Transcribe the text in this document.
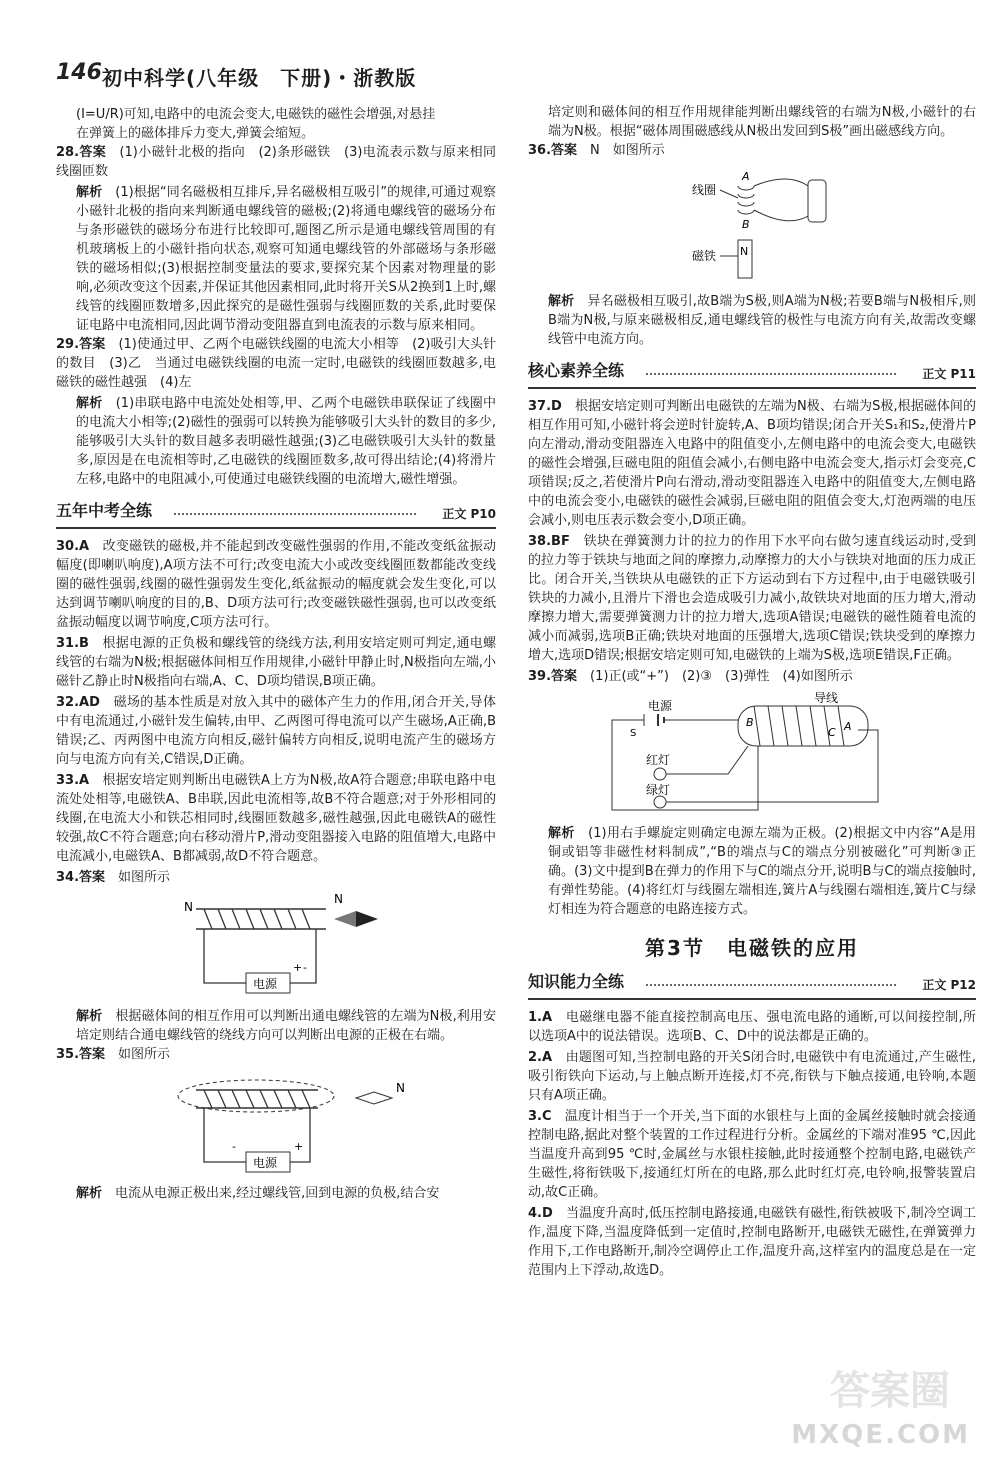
146 初中科学(八年级　下册)・浙教版
(I=U/R)可知,电路中的电流会变大,电磁铁的磁性会增强,对悬挂
在弹簧上的磁体排斥力变大,弹簧会缩短。
28.答案　 (1)小磁针北极的指向　(2)条形磁铁　(3)电流表示数与原来相同　线圈匝数

解析　 (1)根据“同名磁极相互排斥,异名磁极相互吸引”的规律,可通过观察小磁针北极的指向来判断通电螺线管的磁极;(2)将通电螺线管的磁场分布与条形磁铁的磁场分布进行比较即可,题图乙所示是通电螺线管周围的有机玻璃板上的小磁针指向状态,观察可知通电螺线管的外部磁场与条形磁铁的磁场相似;(3)根据控制变量法的要求,要探究某个因素对物理量的影响,必须改变这个因素,并保证其他因素相同,此时将开关S从2换到1上时,螺线管的线圈匝数增多,因此探究的是磁性强弱与线圈匝数的关系,此时要保证电路中电流相同,因此调节滑动变阻器直到电流表的示数与原来相同。

29.答案　 (1)使通过甲、乙两个电磁铁线圈的电流大小相等　(2)吸引大头针的数目　(3)乙　当通过电磁铁线圈的电流一定时,电磁铁的线圈匝数越多,电磁铁的磁性越强　(4)左

解析　 (1)串联电路中电流处处相等,甲、乙两个电磁铁串联保证了线圈中的电流大小相等;(2)磁性的强弱可以转换为能够吸引大头针的数目的多少,能够吸引大头针的数目越多表明磁性越强;(3)乙电磁铁吸引大头针的数量多,原因是在电流相等时,乙电磁铁的线圈匝数多,故可得出结论;(4)将滑片左移,电路中的电阻减小,可使通过电磁铁线圈的电流增大,磁性增强。

五年中考全练	正文 P10
30.A　 改变磁铁的磁极,并不能起到改变磁性强弱的作用,不能改变纸盆振动幅度(即喇叭响度),A项方法不可行;改变电流大小或改变线圈匝数都能改变线圈的磁性强弱,线圈的磁性强弱发生变化,纸盆振动的幅度就会发生变化,可以达到调节喇叭响度的目的,B、D项方法可行;改变磁铁磁性强弱,也可以改变纸盆振动幅度以调节响度,C项方法可行。
31.B　 根据电源的正负极和螺线管的绕线方法,利用安培定则可判定,通电螺线管的右端为N极;根据磁体间相互作用规律,小磁针甲静止时,N极指向左端,小磁针乙静止时N极指向右端,A、C、D项均错误,B项正确。
32.AD　 磁场的基本性质是对放入其中的磁体产生力的作用,闭合开关,导体中有电流通过,小磁针发生偏转,由甲、乙两图可得电流可以产生磁场,A正确,B错误;乙、丙两图中电流方向相反,磁针偏转方向相反,说明电流产生的磁场方向与电流方向有关,C错误,D正确。
33.A　 根据安培定则判断出电磁铁A上方为N极,故A符合题意;串联电路中电流处处相等,电磁铁A、B串联,因此电流相等,故B不符合题意;对于外形相同的线圈,在电流大小和铁芯相同时,线圈匝数越多,磁性越强,因此电磁铁A的磁性较强,故C不符合题意;向右移动滑片P,滑动变阻器接入电路的阻值增大,电路中电流减小,电磁铁A、B都减弱,故D不符合题意。
34.答案　 如图所示
N
N
电源
+ -

解析　 根据磁体间的相互作用可以判断出通电螺线管的左端为N极,利用安培定则结合通电螺线管的绕线方向可以判断出电源的正极在右端。

35.答案　 如图所示
N
电源
-	+

解析　 电流从电源正极出来,经过螺线管,回到电源的负极,结合安

培定则和磁体间的相互作用规律能判断出螺线管的右端为N极,小磁针的右端为N极。根据“磁体周围磁感线从N极出发回到S极”画出磁感线方向。

36.答案　 N　如图所示
线圈
A
B
磁铁 N

解析　 异名磁极相互吸引,故B端为S极,则A端为N极;若要B端与N极相斥,则B端为N极,与原来磁极相反,通电螺线管的极性与电流方向有关,故需改变螺线管中电流方向。

核心素养全练	正文 P11
37.D　 根据安培定则可判断出电磁铁的左端为N极、右端为S极,根据磁体间的相互作用可知,小磁针将会逆时针旋转,A、B项均错误;闭合开关S₁和S₂,使滑片P向左滑动,滑动变阻器连入电路中的阻值变小,左侧电路中的电流会变大,电磁铁的磁性会增强,巨磁电阻的阻值会减小,右侧电路中电流会变大,指示灯会变亮,C项错误;反之,若使滑片P向右滑动,滑动变阻器连入电路中的阻值变大,左侧电路中的电流会变小,电磁铁的磁性会减弱,巨磁电阻的阻值会变大,灯泡两端的电压会减小,则电压表示数会变小,D项正确。
38.BF　 铁块在弹簧测力计的拉力的作用下水平向右做匀速直线运动时,受到的拉力等于铁块与地面之间的摩擦力,动摩擦力的大小与铁块对地面的压力成正比。闭合开关,当铁块从电磁铁的正下方运动到右下方过程中,由于电磁铁吸引铁块的力减小,且滑片下滑也会造成吸引力减小,故铁块对地面的压力增大,滑动摩擦力增大,需要弹簧测力计的拉力增大,选项A错误;电磁铁的磁性随着电流的减小而减弱,选项B正确;铁块对地面的压强增大,选项C错误;铁块受到的摩擦力增大,选项D错误;根据安培定则可知,电磁铁的上端为S极,选项E错误,F正确。
39.答案　 (1)正(或“+”)　(2)③　(3)弹性　(4)如图所示
导线
电源
S
B
C A
红灯
绿灯

解析　 (1)用右手螺旋定则确定电源左端为正极。(2)根据文中内容“A是用铜或铝等非磁性材料制成”,“B的端点与C的端点分别被磁化”可判断③正确。(3)文中提到B在弹力的作用下与C的端点分开,说明B与C的端点接触时,有弹性势能。(4)将红灯与线圈左端相连,簧片A与线圈右端相连,簧片C与绿灯相连为符合题意的电路连接方式。

第3节　电磁铁的应用
知识能力全练	正文 P12
1.A　 电磁继电器不能直接控制高电压、强电流电路的通断,可以间接控制,所以选项A中的说法错误。选项B、C、D中的说法都是正确的。
2.A　 由题图可知,当控制电路的开关S闭合时,电磁铁中有电流通过,产生磁性,吸引衔铁向下运动,与上触点断开连接,灯不亮,衔铁与下触点接通,电铃响,本题只有A项正确。
3.C　 温度计相当于一个开关,当下面的水银柱与上面的金属丝接触时就会接通控制电路,据此对整个装置的工作过程进行分析。金属丝的下端对准95 ℃,因此当温度升高到95 ℃时,金属丝与水银柱接触,此时接通整个控制电路,电磁铁产生磁性,将衔铁吸下,接通红灯所在的电路,那么此时红灯亮,电铃响,报警装置启动,故C正确。
4.D　 当温度升高时,低压控制电路接通,电磁铁有磁性,衔铁被吸下,制冷空调工作,温度下降,当温度降低到一定值时,控制电路断开,电磁铁无磁性,在弹簧弹力作用下,工作电路断开,制冷空调停止工作,温度升高,这样室内的温度总是在一定范围内上下浮动,故选D。
答案圈
MXQE.COM
